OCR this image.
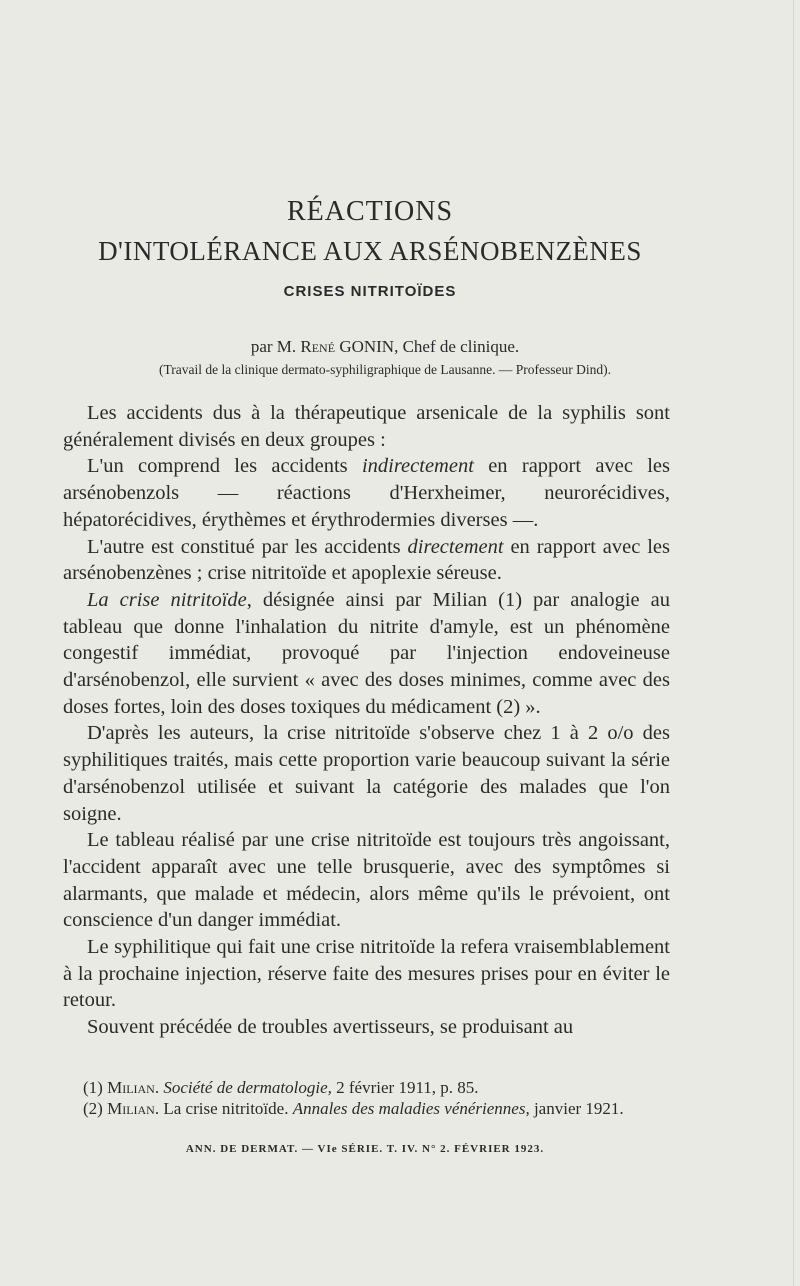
RÉACTIONS
D'INTOLÉRANCE AUX ARSÉNOBENZÈNES
CRISES NITRITOÏDES
par M. René GONIN, Chef de clinique.
(Travail de la clinique dermato-syphiligraphique de Lausanne. — Professeur Dind).

Les accidents dus à la thérapeutique arsenicale de la syphilis sont généralement divisés en deux groupes :

L'un comprend les accidents indirectement en rapport avec les arsénobenzols — réactions d'Herxheimer, neurorécidives, hépatorécidives, érythèmes et érythrodermies diverses —.

L'autre est constitué par les accidents directement en rapport avec les arsénobenzènes ; crise nitritoïde et apoplexie séreuse.

La crise nitritoïde, désignée ainsi par Milian (1) par analogie au tableau que donne l'inhalation du nitrite d'amyle, est un phénomène congestif immédiat, provoqué par l'injection endoveineuse d'arsénobenzol, elle survient « avec des doses minimes, comme avec des doses fortes, loin des doses toxiques du médicament (2) ».

D'après les auteurs, la crise nitritoïde s'observe chez 1 à 2 o/o des syphilitiques traités, mais cette proportion varie beaucoup suivant la série d'arsénobenzol utilisée et suivant la catégorie des malades que l'on soigne.

Le tableau réalisé par une crise nitritoïde est toujours très angoissant, l'accident apparaît avec une telle brusquerie, avec des symptômes si alarmants, que malade et médecin, alors même qu'ils le prévoient, ont conscience d'un danger immédiat.

Le syphilitique qui fait une crise nitritoïde la refera vraisemblablement à la prochaine injection, réserve faite des mesures prises pour en éviter le retour.

Souvent précédée de troubles avertisseurs, se produisant au

(1) Milian. Société de dermatologie, 2 février 1911, p. 85.

(2) Milian. La crise nitritoïde. Annales des maladies vénériennes, janvier 1921.

ANN. DE DERMAT. — VIe SÉRIE. T. IV. N° 2. FÉVRIER 1923.
